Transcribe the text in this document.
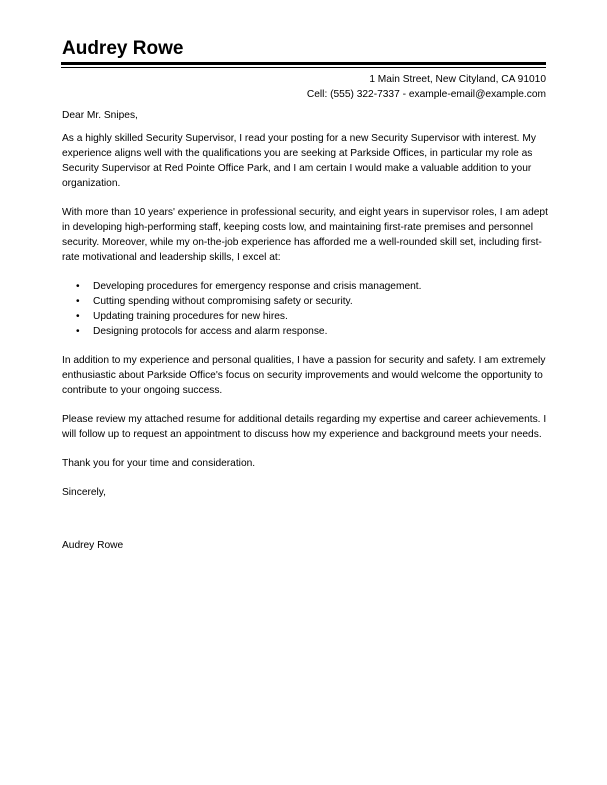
Audrey Rowe
1 Main Street, New Cityland, CA 91010
Cell: (555) 322-7337 - example-email@example.com

Dear Mr. Snipes,

As a highly skilled Security Supervisor, I read your posting for a new Security Supervisor with interest. My experience aligns well with the qualifications you are seeking at Parkside Offices, in particular my role as Security Supervisor at Red Pointe Office Park, and I am certain I would make a valuable addition to your organization.

With more than 10 years' experience in professional security, and eight years in supervisor roles, I am adept in developing high-performing staff, keeping costs low, and maintaining first-rate premises and personnel security. Moreover, while my on-the-job experience has afforded me a well-rounded skill set, including first-rate motivational and leadership skills, I excel at:

• Developing procedures for emergency response and crisis management.
• Cutting spending without compromising safety or security.
• Updating training procedures for new hires.
• Designing protocols for access and alarm response.

In addition to my experience and personal qualities, I have a passion for security and safety. I am extremely enthusiastic about Parkside Office's focus on security improvements and would welcome the opportunity to contribute to your ongoing success.

Please review my attached resume for additional details regarding my expertise and career achievements. I will follow up to request an appointment to discuss how my experience and background meets your needs.

Thank you for your time and consideration.

Sincerely,

Audrey Rowe
